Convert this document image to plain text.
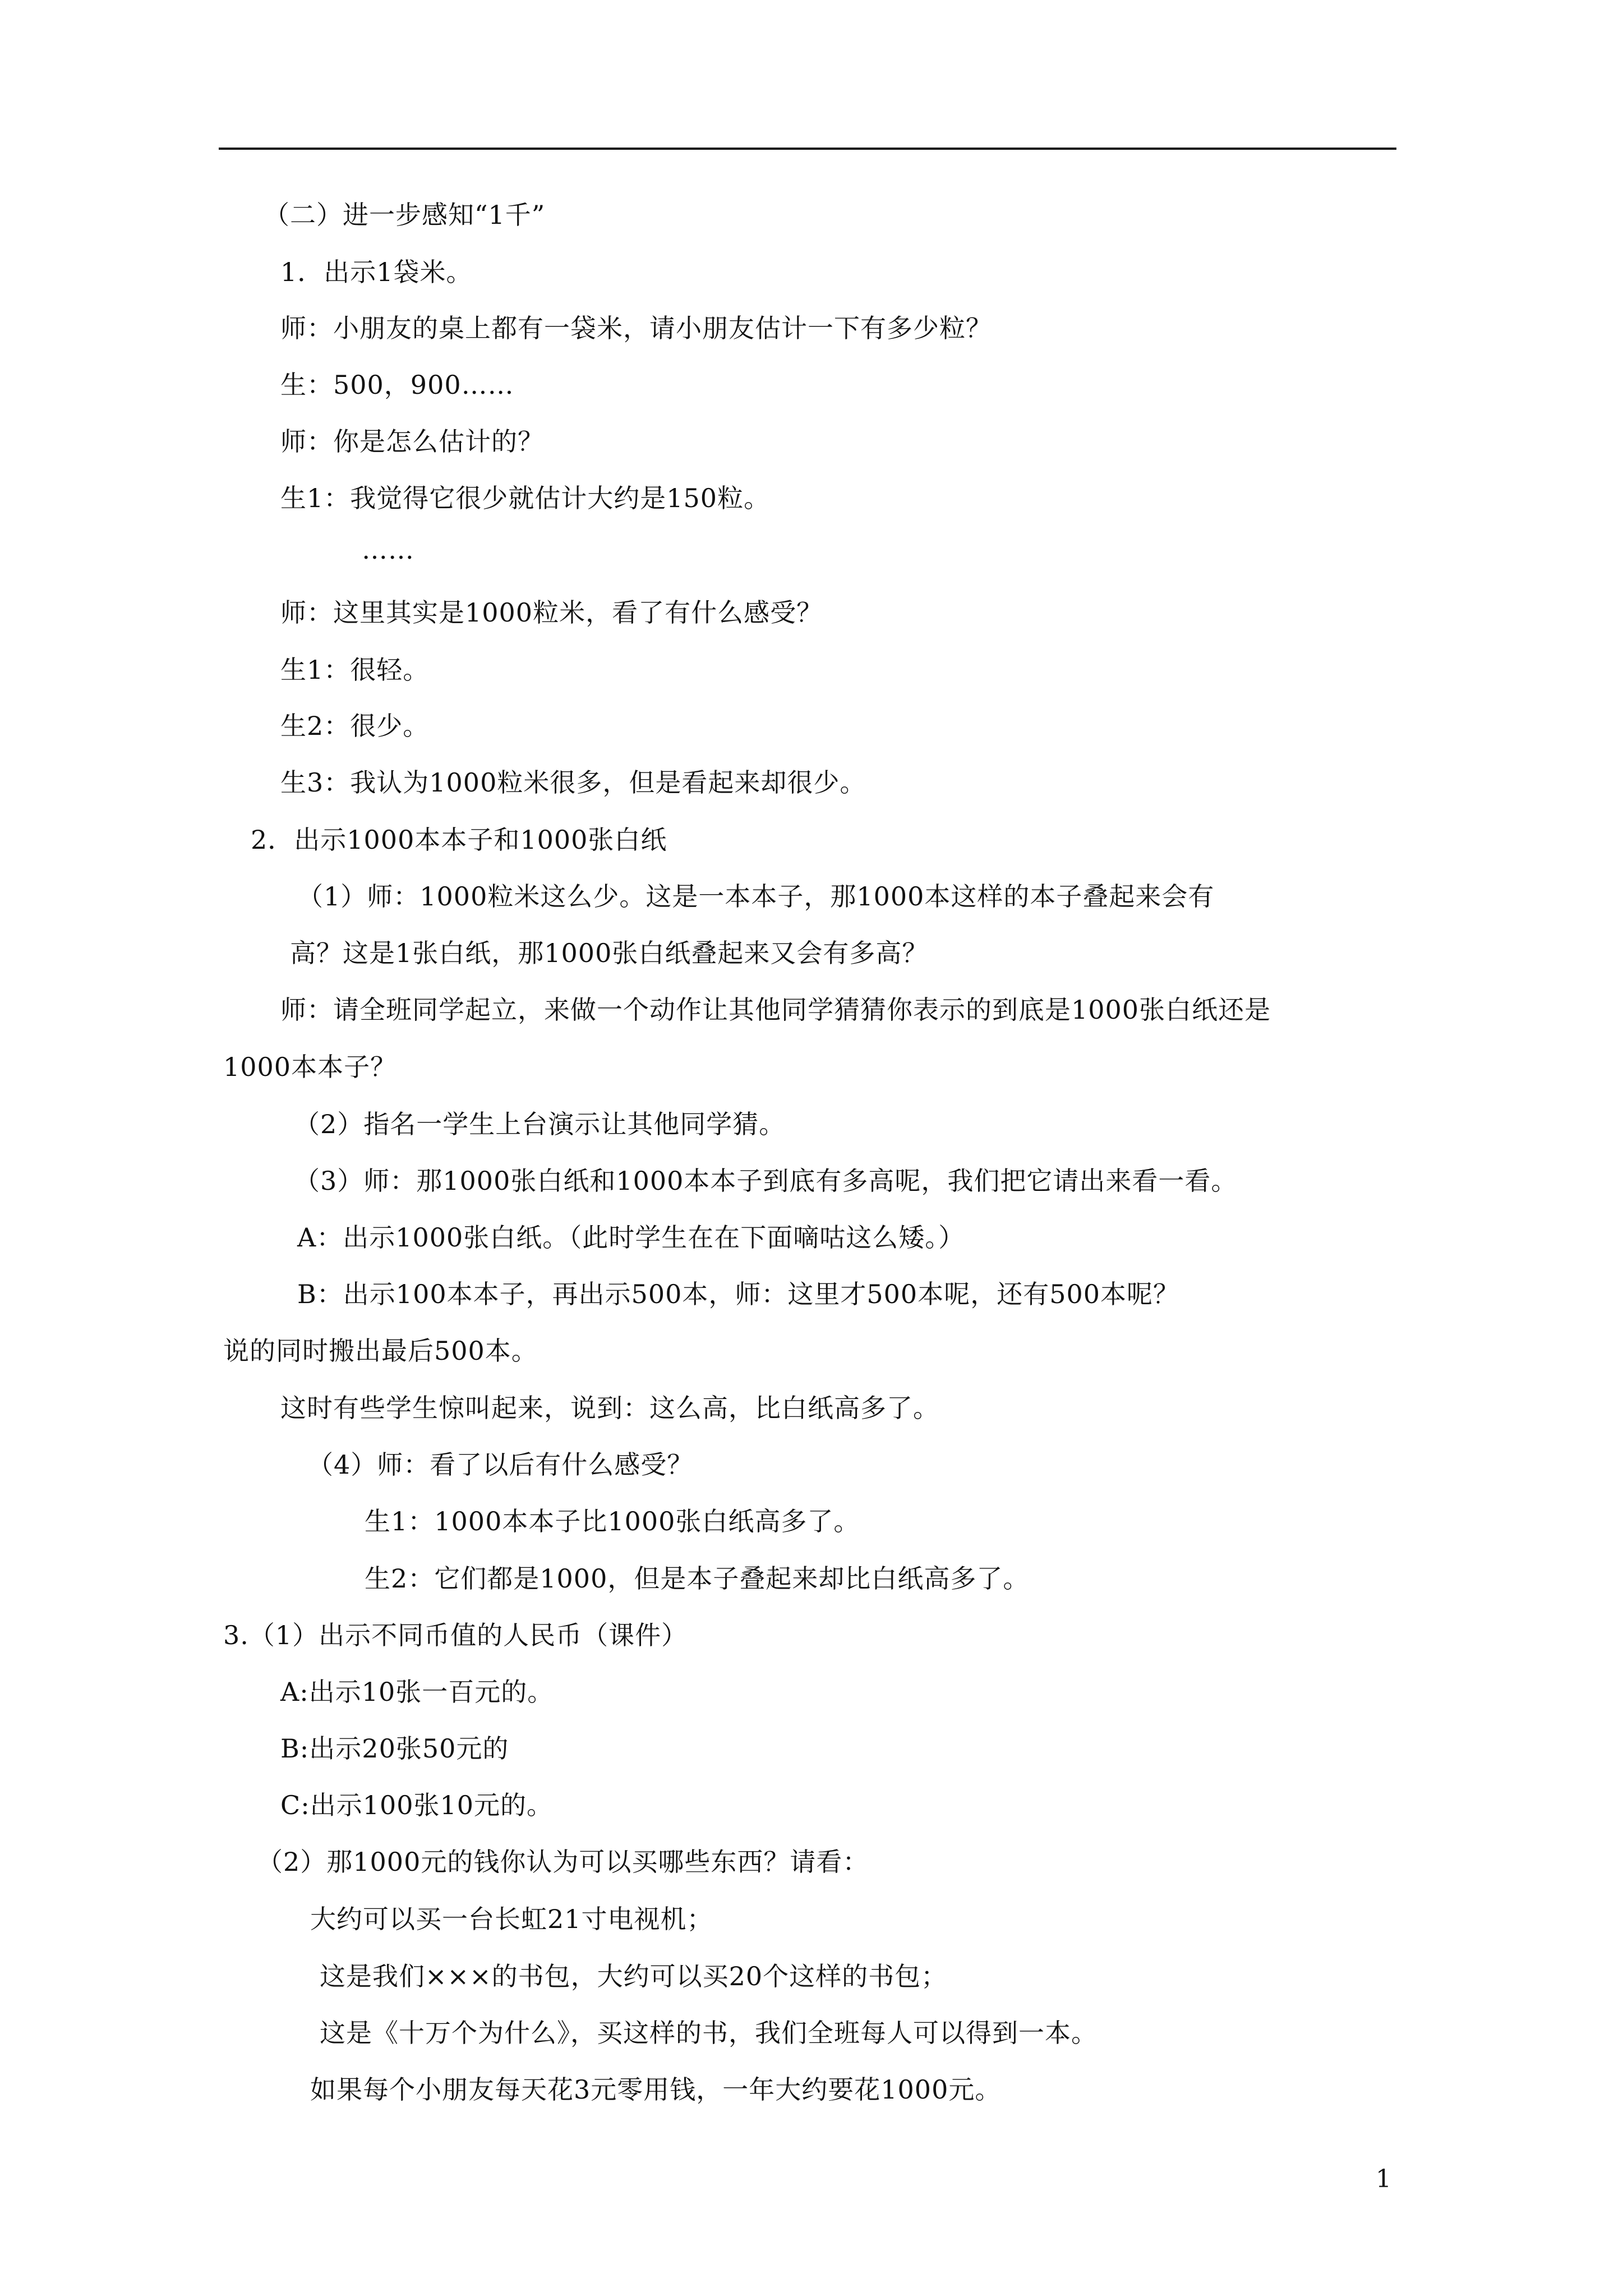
（二）进一步感知“1千”
1．出示1袋米。
师：小朋友的桌上都有一袋米，请小朋友估计一下有多少粒？
生：500，900……
师：你是怎么估计的？
生1：我觉得它很少就估计大约是150粒。
……
师：这里其实是1000粒米，看了有什么感受？
生1：很轻。
生2：很少。
生3：我认为1000粒米很多，但是看起来却很少。
2．出示1000本本子和1000张白纸
（1）师：1000粒米这么少。这是一本本子，那1000本这样的本子叠起来会有
高？这是1张白纸，那1000张白纸叠起来又会有多高？
师：请全班同学起立，来做一个动作让其他同学猜猜你表示的到底是1000张白纸还是
1000本本子？
（2）指名一学生上台演示让其他同学猜。
（3）师：那1000张白纸和1000本本子到底有多高呢，我们把它请出来看一看。
A：出示1000张白纸。（此时学生在在下面嘀咕这么矮。）
B：出示100本本子，再出示500本，师：这里才500本呢，还有500本呢？
说的同时搬出最后500本。
这时有些学生惊叫起来，说到：这么高，比白纸高多了。
（4）师：看了以后有什么感受？
生1：1000本本子比1000张白纸高多了。
生2：它们都是1000，但是本子叠起来却比白纸高多了。
3.（1）出示不同币值的人民币（课件）
A:出示10张一百元的。
B:出示20张50元的
C:出示100张10元的。
（2）那1000元的钱你认为可以买哪些东西？请看：
大约可以买一台长虹21寸电视机；
这是我们×××的书包，大约可以买20个这样的书包；
这是《十万个为什么》，买这样的书，我们全班每人可以得到一本。
如果每个小朋友每天花3元零用钱，一年大约要花1000元。
1
